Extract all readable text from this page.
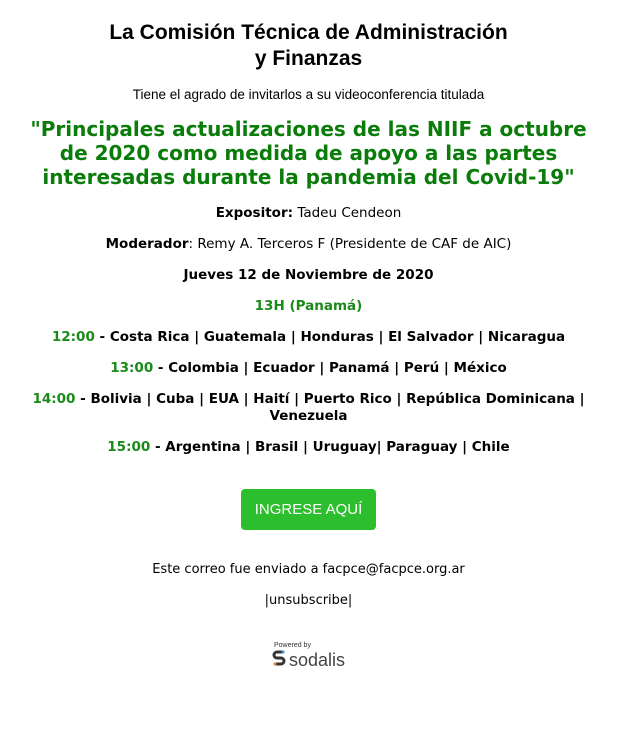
La Comisión Técnica de Administración
y Finanzas
Tiene el agrado de invitarlos a su videoconferencia titulada
"Principales actualizaciones de las NIIF a octubre de 2020 como medida de apoyo a las partes interesadas durante la pandemia del Covid-19"
Expositor: Tadeu Cendeon
Moderador: Remy A. Terceros F (Presidente de CAF de AIC)
Jueves 12 de Noviembre de 2020
13H (Panamá)
12:00 - Costa Rica | Guatemala | Honduras | El Salvador | Nicaragua
13:00 - Colombia | Ecuador | Panamá | Perú | México
14:00 - Bolivia | Cuba | EUA | Haití | Puerto Rico | República Dominicana | Venezuela
15:00 - Argentina | Brasil | Uruguay| Paraguay | Chile
INGRESE AQUÍ
Este correo fue enviado a facpce@facpce.org.ar
|unsubscribe|
Powered by
sodalis
